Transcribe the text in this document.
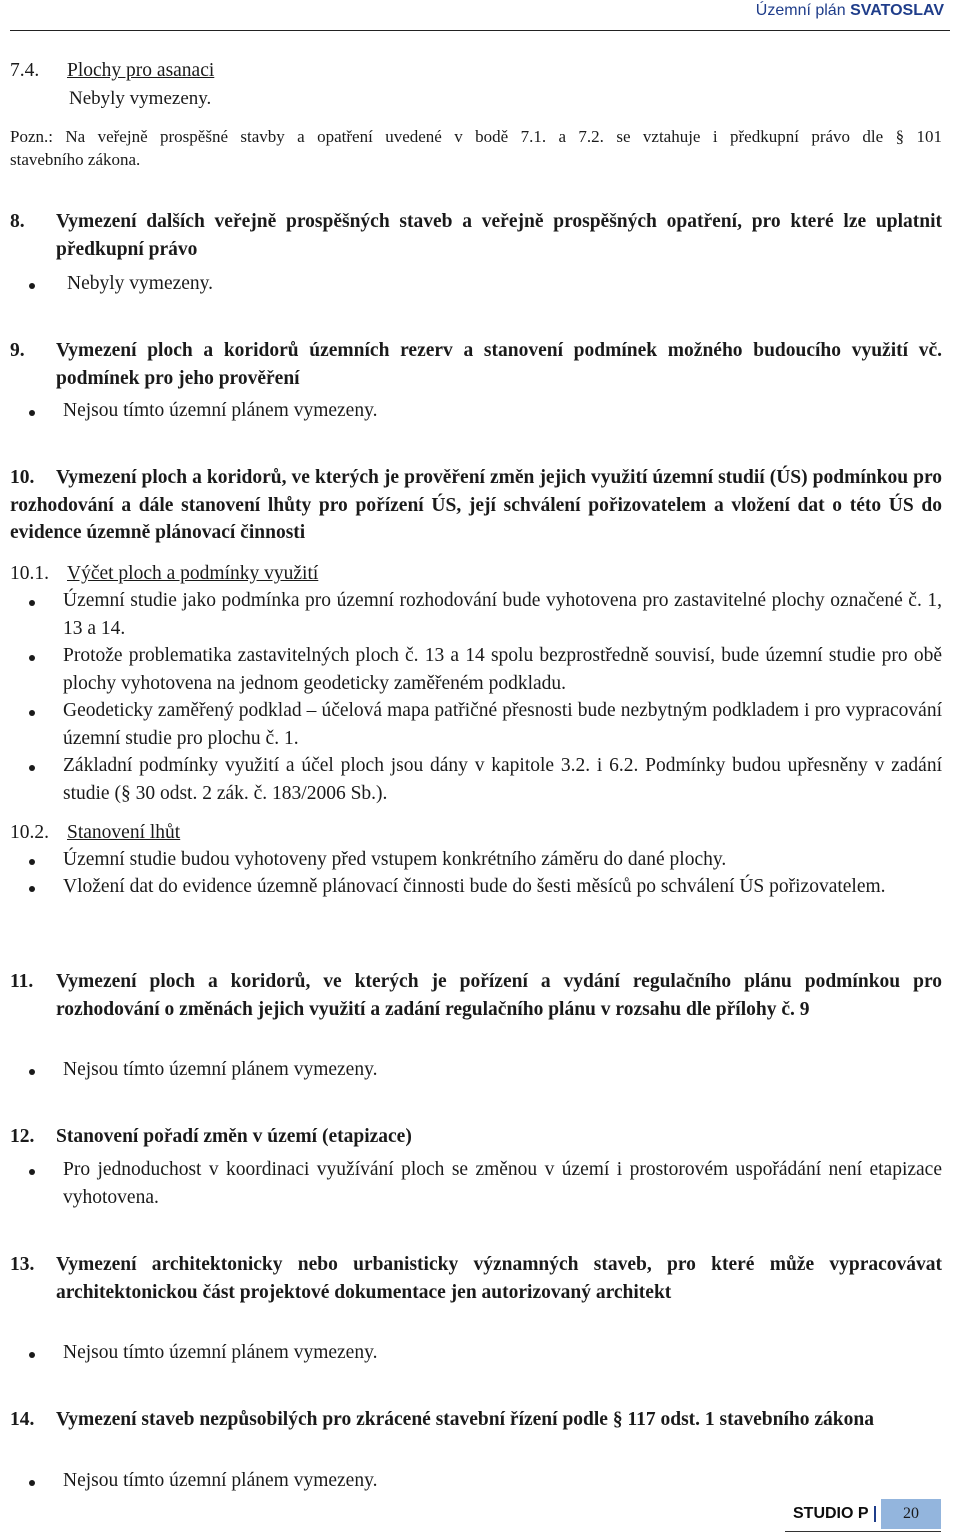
Územní plán SVATOSLAV
7.4. Plochy pro asanaci
Nebyly vymezeny.
Pozn.: Na veřejně prospěšné stavby a opatření uvedené v bodě 7.1. a 7.2. se vztahuje i předkupní právo dle § 101
stavebního zákona.
8. Vymezení dalších veřejně prospěšných staveb a veřejně prospěšných opatření, pro které lze uplatnit předkupní právo
Nebyly vymezeny.
9. Vymezení ploch a koridorů územních rezerv a stanovení podmínek možného budoucího využití vč. podmínek pro jeho prověření
Nejsou tímto územní plánem vymezeny.
10.	Vymezení ploch a koridorů, ve kterých je prověření změn jejich využití územní studií (ÚS) podmínkou pro rozhodování a dále stanovení lhůty pro pořízení ÚS, její schválení pořizovatelem a vložení dat o této ÚS do evidence územně plánovací činnosti
10.1. Výčet ploch a podmínky využití
Územní studie jako podmínka pro územní rozhodování bude vyhotovena pro zastavitelné plochy označené č. 1, 13 a 14.
Protože problematika zastavitelných ploch č. 13 a 14 spolu bezprostředně souvisí, bude územní studie pro obě plochy vyhotovena na jednom geodeticky zaměřeném podkladu.
Geodeticky zaměřený podklad – účelová mapa patřičné přesnosti bude nezbytným podkladem i pro vypracování územní studie pro plochu č. 1.
Základní podmínky využití a účel ploch jsou dány v kapitole 3.2. i 6.2. Podmínky budou upřesněny v zadání studie (§ 30 odst. 2 zák. č. 183/2006 Sb.).
10.2. Stanovení lhůt
Územní studie budou vyhotoveny před vstupem konkrétního záměru do dané plochy.
Vložení dat do evidence územně plánovací činnosti bude do šesti měsíců po schválení ÚS pořizovatelem.
11. Vymezení ploch a koridorů, ve kterých je pořízení a vydání regulačního plánu podmínkou pro rozhodování o změnách jejich využití a zadání regulačního plánu v rozsahu dle přílohy č. 9
Nejsou tímto územní plánem vymezeny.
12. Stanovení pořadí změn v území (etapizace)
Pro jednoduchost v koordinaci využívání ploch se změnou v území i prostorovém uspořádání není etapizace vyhotovena.
13. Vymezení architektonicky nebo urbanisticky významných staveb, pro které může vypracovávat architektonickou část projektové dokumentace jen autorizovaný architekt
Nejsou tímto územní plánem vymezeny.
14. Vymezení staveb nezpůsobilých pro zkrácené stavební řízení podle § 117 odst. 1 stavebního zákona
Nejsou tímto územní plánem vymezeny.
STUDIO P	20
